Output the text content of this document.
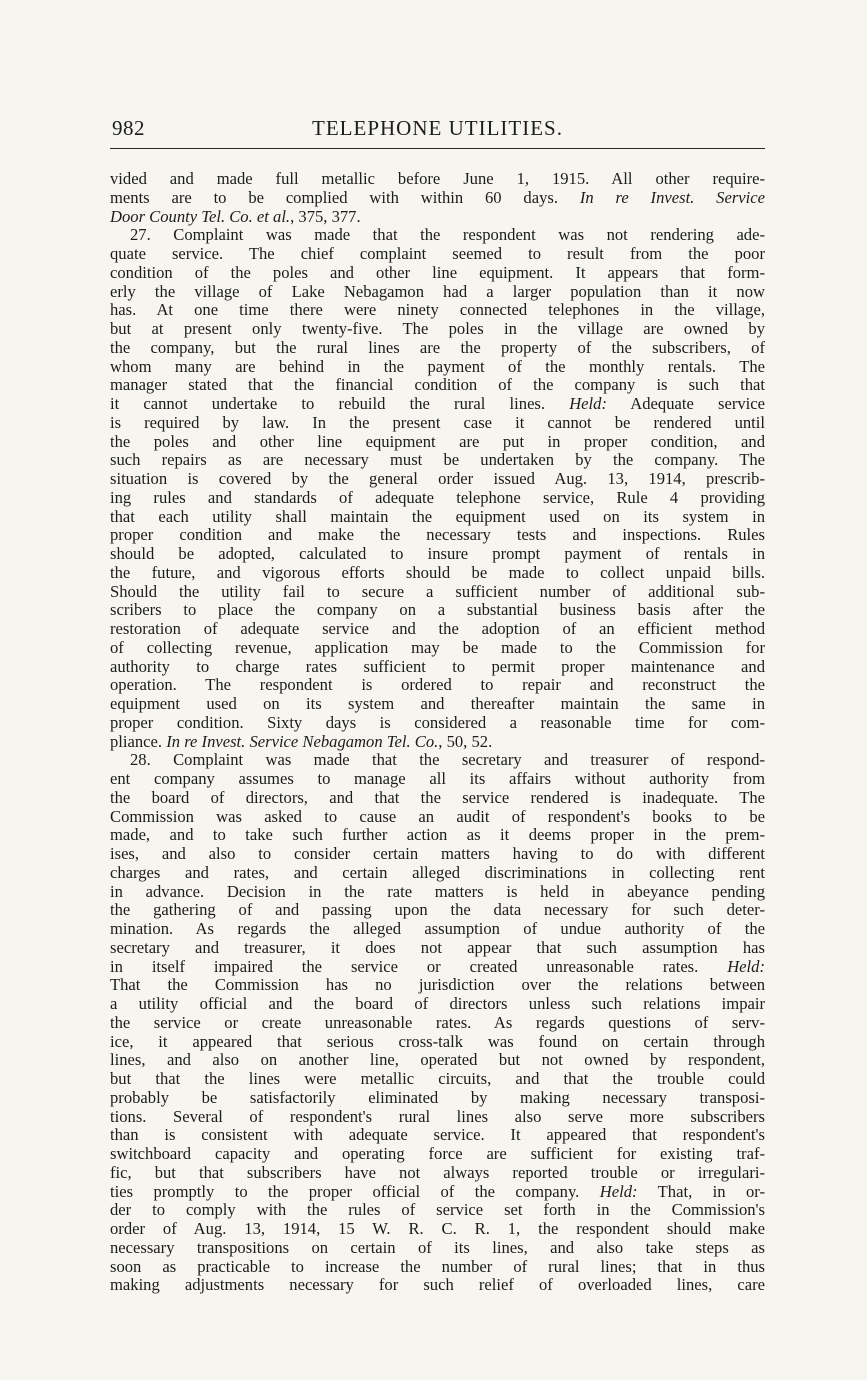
982	TELEPHONE UTILITIES.
vided and made full metallic before June 1, 1915. All other require-
ments are to be complied with within 60 days. In re Invest. Service
Door County Tel. Co. et al., 375, 377.
27. Complaint was made that the respondent was not rendering ade-
quate service. The chief complaint seemed to result from the poor
condition of the poles and other line equipment. It appears that form-
erly the village of Lake Nebagamon had a larger population than it now
has. At one time there were ninety connected telephones in the village,
but at present only twenty-five. The poles in the village are owned by
the company, but the rural lines are the property of the subscribers, of
whom many are behind in the payment of the monthly rentals. The
manager stated that the financial condition of the company is such that
it cannot undertake to rebuild the rural lines. Held: Adequate service
is required by law. In the present case it cannot be rendered until
the poles and other line equipment are put in proper condition, and
such repairs as are necessary must be undertaken by the company. The
situation is covered by the general order issued Aug. 13, 1914, prescrib-
ing rules and standards of adequate telephone service, Rule 4 providing
that each utility shall maintain the equipment used on its system in
proper condition and make the necessary tests and inspections. Rules
should be adopted, calculated to insure prompt payment of rentals in
the future, and vigorous efforts should be made to collect unpaid bills.
Should the utility fail to secure a sufficient number of additional sub-
scribers to place the company on a substantial business basis after the
restoration of adequate service and the adoption of an efficient method
of collecting revenue, application may be made to the Commission for
authority to charge rates sufficient to permit proper maintenance and
operation. The respondent is ordered to repair and reconstruct the
equipment used on its system and thereafter maintain the same in
proper condition. Sixty days is considered a reasonable time for com-
pliance. In re Invest. Service Nebagamon Tel. Co., 50, 52.
28. Complaint was made that the secretary and treasurer of respond-
ent company assumes to manage all its affairs without authority from
the board of directors, and that the service rendered is inadequate. The
Commission was asked to cause an audit of respondent's books to be
made, and to take such further action as it deems proper in the prem-
ises, and also to consider certain matters having to do with different
charges and rates, and certain alleged discriminations in collecting rent
in advance. Decision in the rate matters is held in abeyance pending
the gathering of and passing upon the data necessary for such deter-
mination. As regards the alleged assumption of undue authority of the
secretary and treasurer, it does not appear that such assumption has
in itself impaired the service or created unreasonable rates. Held:
That the Commission has no jurisdiction over the relations between
a utility official and the board of directors unless such relations impair
the service or create unreasonable rates. As regards questions of serv-
ice, it appeared that serious cross-talk was found on certain through
lines, and also on another line, operated but not owned by respondent,
but that the lines were metallic circuits, and that the trouble could
probably be satisfactorily eliminated by making necessary transposi-
tions. Several of respondent's rural lines also serve more subscribers
than is consistent with adequate service. It appeared that respondent's
switchboard capacity and operating force are sufficient for existing traf-
fic, but that subscribers have not always reported trouble or irregulari-
ties promptly to the proper official of the company. Held: That, in or-
der to comply with the rules of service set forth in the Commission's
order of Aug. 13, 1914, 15 W. R. C. R. 1, the respondent should make
necessary transpositions on certain of its lines, and also take steps as
soon as practicable to increase the number of rural lines; that in thus
making adjustments necessary for such relief of overloaded lines, care
